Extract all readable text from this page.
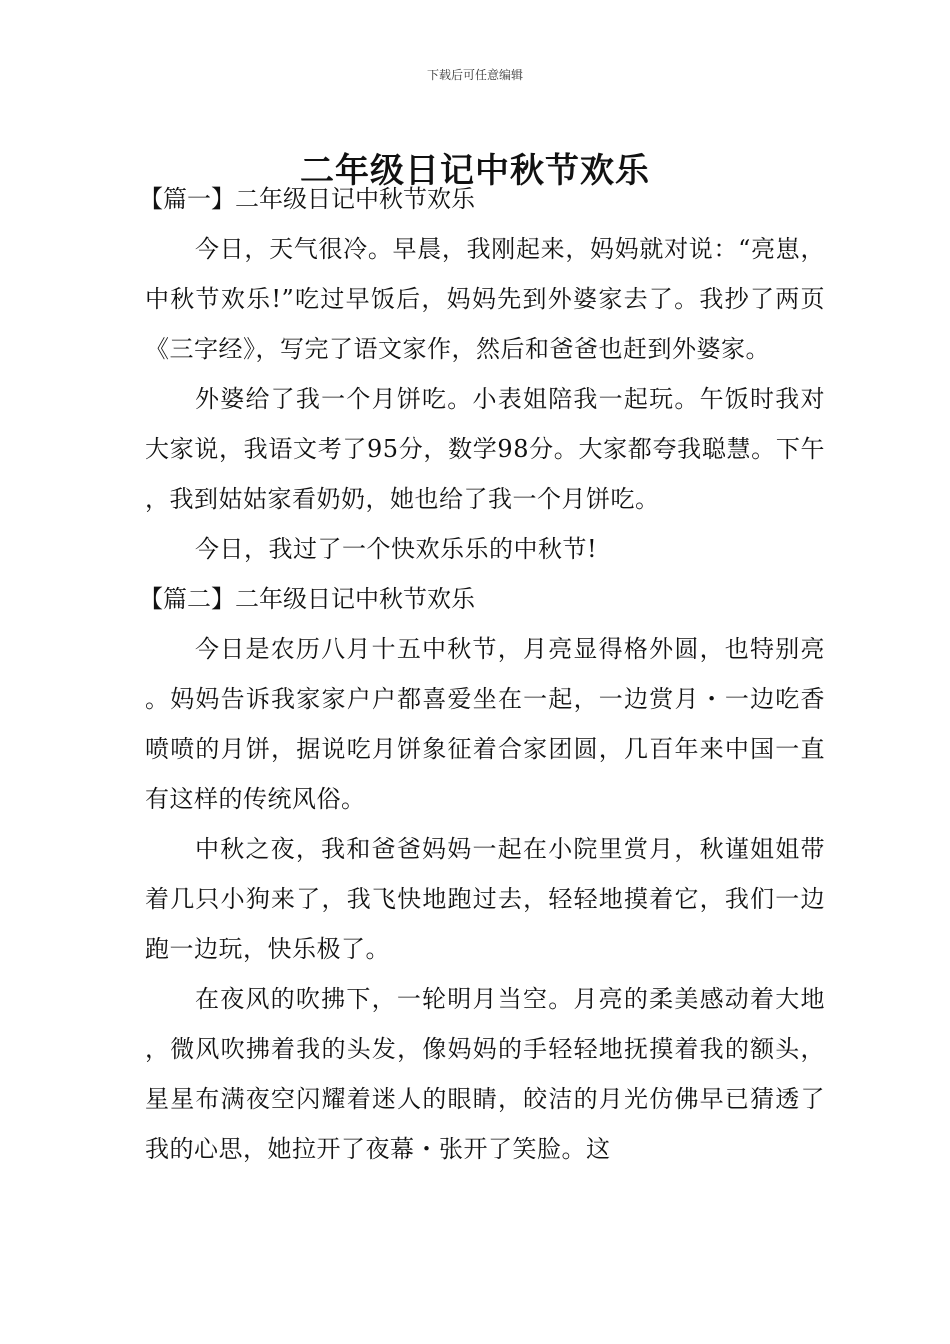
下载后可任意编辑
二年级日记中秋节欢乐
【篇一】二年级日记中秋节欢乐

今日，天气很冷。早晨，我刚起来，妈妈就对说：“亮崽，中秋节欢乐!”吃过早饭后，妈妈先到外婆家去了。我抄了两页《三字经》，写完了语文家作，然后和爸爸也赶到外婆家。

外婆给了我一个月饼吃。小表姐陪我一起玩。午饭时我对大家说，我语文考了95分，数学98分。大家都夸我聪慧。下午，我到姑姑家看奶奶，她也给了我一个月饼吃。

今日，我过了一个快欢乐乐的中秋节!

【篇二】二年级日记中秋节欢乐

今日是农历八月十五中秋节，月亮显得格外圆，也特别亮。妈妈告诉我家家户户都喜爱坐在一起，一边赏月・一边吃香喷喷的月饼，据说吃月饼象征着合家团圆，几百年来中国一直有这样的传统风俗。

中秋之夜，我和爸爸妈妈一起在小院里赏月，秋谨姐姐带着几只小狗来了，我飞快地跑过去，轻轻地摸着它，我们一边跑一边玩，快乐极了。

在夜风的吹拂下，一轮明月当空。月亮的柔美感动着大地，微风吹拂着我的头发，像妈妈的手轻轻地抚摸着我的额头，星星布满夜空闪耀着迷人的眼睛，皎洁的月光仿佛早已猜透了我的心思，她拉开了夜幕・张开了笑脸。这
